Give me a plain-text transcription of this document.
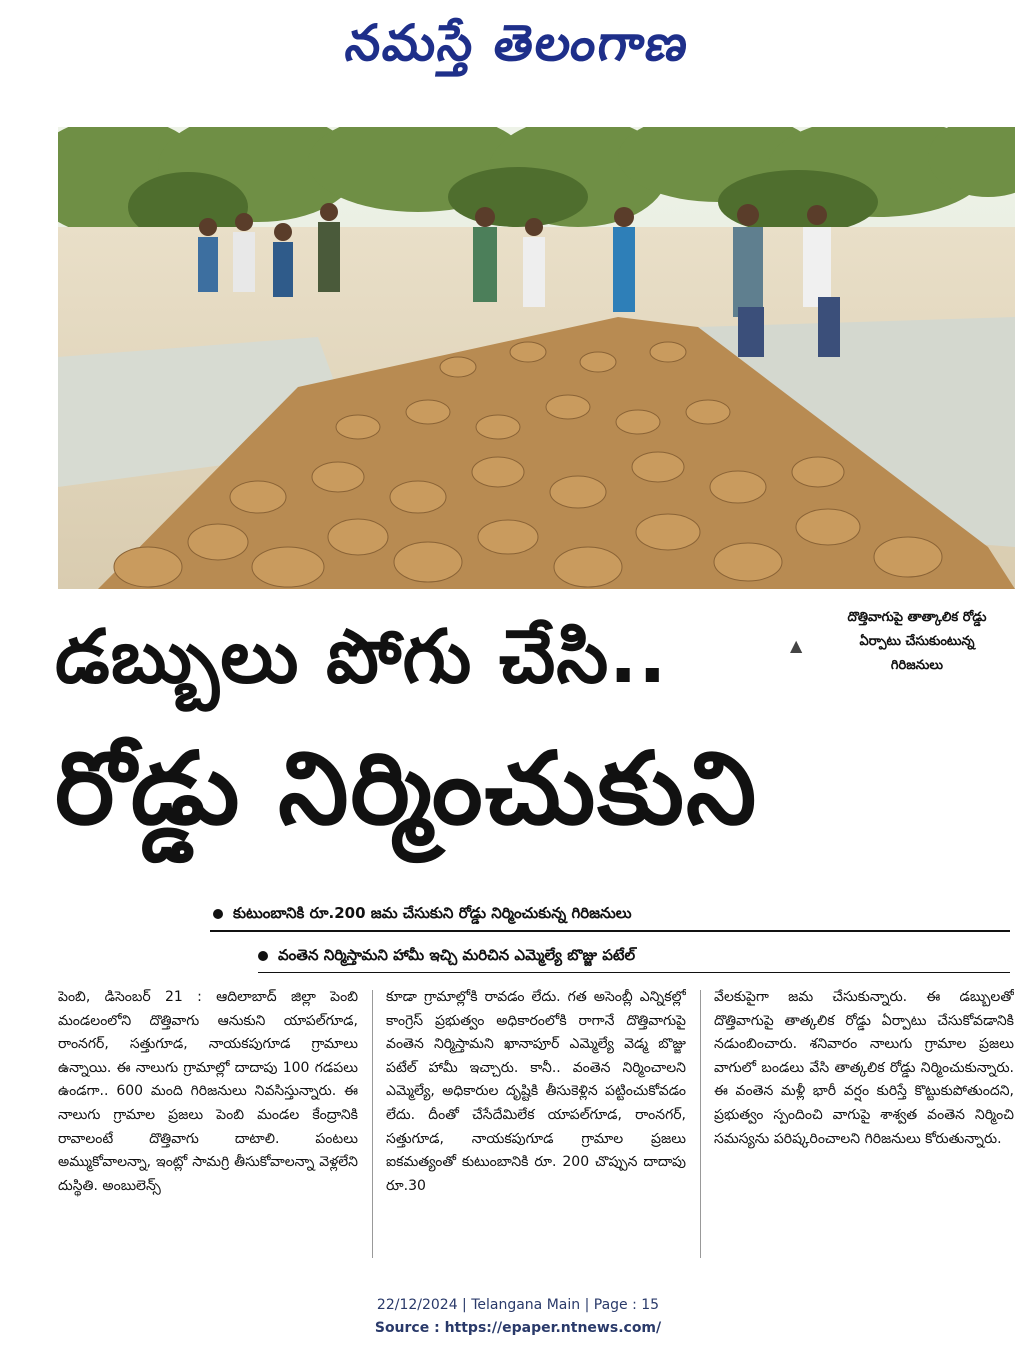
నమస్తే తెలంగాణ
▲
దొత్తివాగుపై తాత్కాలిక రోడ్డు
ఏర్పాటు చేసుకుంటున్న
గిరిజనులు
డబ్బులు పోగు చేసి..
రోడ్డు నిర్మించుకుని
కుటుంబానికి రూ.200 జమ చేసుకుని రోడ్డు నిర్మించుకున్న గిరిజనులు
వంతెన నిర్మిస్తామని హామీ ఇచ్చి మరిచిన ఎమ్మెల్యే బొజ్జు పటేల్
పెంబి, డిసెంబర్ 21 : ఆదిలాబాద్ జిల్లా పెంబి మండలంలోని దొత్తివాగు ఆనుకుని యాపల్‌గూడ, రాంనగర్, సత్తుగూడ, నాయకపుగూడ గ్రామాలు ఉన్నాయి. ఈ నాలుగు గ్రామాల్లో దాదాపు 100 గడపలు ఉండగా.. 600 మంది గిరిజనులు నివసిస్తున్నారు. ఈ నాలుగు గ్రామాల ప్రజలు పెంబి మండల కేంద్రానికి రావాలంటే దొత్తివాగు దాటాలి. పంటలు అమ్ముకోవాలన్నా, ఇంట్లో సామగ్రి తీసుకోవాలన్నా వెళ్లలేని దుస్థితి. అంబులెన్స్
కూడా గ్రామాల్లోకి రావడం లేదు. గత అసెంబ్లీ ఎన్నికల్లో కాంగ్రెస్ ప్రభుత్వం అధికారంలోకి రాగానే దొత్తివాగుపై వంతెన నిర్మిస్తామని ఖానాపూర్ ఎమ్మెల్యే వెడ్మ బొజ్జు పటేల్ హామీ ఇచ్చారు. కానీ.. వంతెన నిర్మించాలని ఎమ్మెల్యే, అధికారుల దృష్టికి తీసుకెళ్లిన పట్టించుకోవడం లేదు. దీంతో చేసేదేమిలేక యాపల్‌గూడ, రాంనగర్, సత్తుగూడ, నాయకపుగూడ గ్రామాల ప్రజలు ఐకమత్యంతో కుటుంబానికి రూ. 200 చొప్పున దాదాపు రూ.30
వేలకుపైగా జమ చేసుకున్నారు. ఈ డబ్బులతో దొత్తివాగుపై తాత్కలిక రోడ్డు ఏర్పాటు చేసుకోవడానికి నడుంబించారు. శనివారం నాలుగు గ్రామాల ప్రజలు వాగులో బండలు వేసి తాత్కలిక రోడ్డు నిర్మించుకున్నారు. ఈ వంతెన మళ్లీ భారీ వర్షం కురిస్తే కొట్టుకుపోతుందని, ప్రభుత్వం స్పందించి వాగుపై శాశ్వత వంతెన నిర్మించి సమస్యను పరిష్కరించాలని గిరిజనులు కోరుతున్నారు.
22/12/2024 | Telangana Main | Page : 15
Source : https://epaper.ntnews.com/
